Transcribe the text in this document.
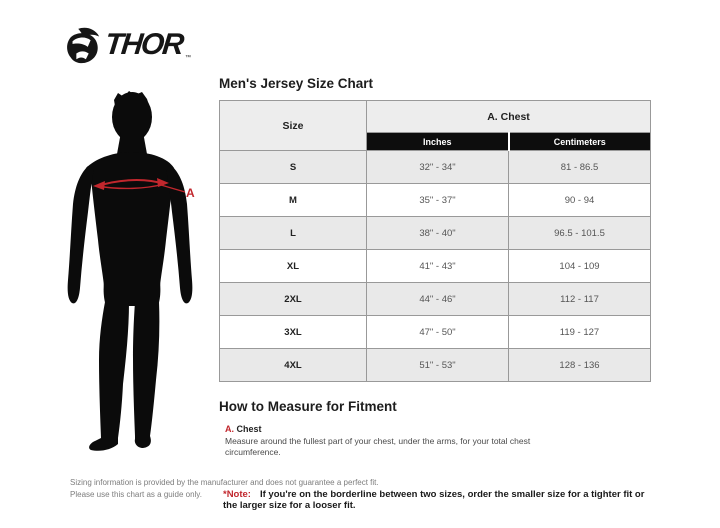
THOR ™
A
Men's Jersey Size Chart
Size	A. Chest	
	Inches	Centimeters
S	32" - 34"	81 - 86.5
M	35" - 37"	90 - 94
L	38" - 40"	96.5 - 101.5
XL	41" - 43"	104 - 109
2XL	44" - 46"	112 - 117
3XL	47" - 50"	119 - 127
4XL	51" - 53"	128 - 136
How to Measure for Fitment
A. Chest

Measure around the fullest part of your chest, under the arms, for your total chest circumference.

*Note: If you're on the borderline between two sizes, order the smaller size for a tighter fit or the larger size for a looser fit.
Sizing information is provided by the manufacturer and does not guarantee a perfect fit.
Please use this chart as a guide only.
